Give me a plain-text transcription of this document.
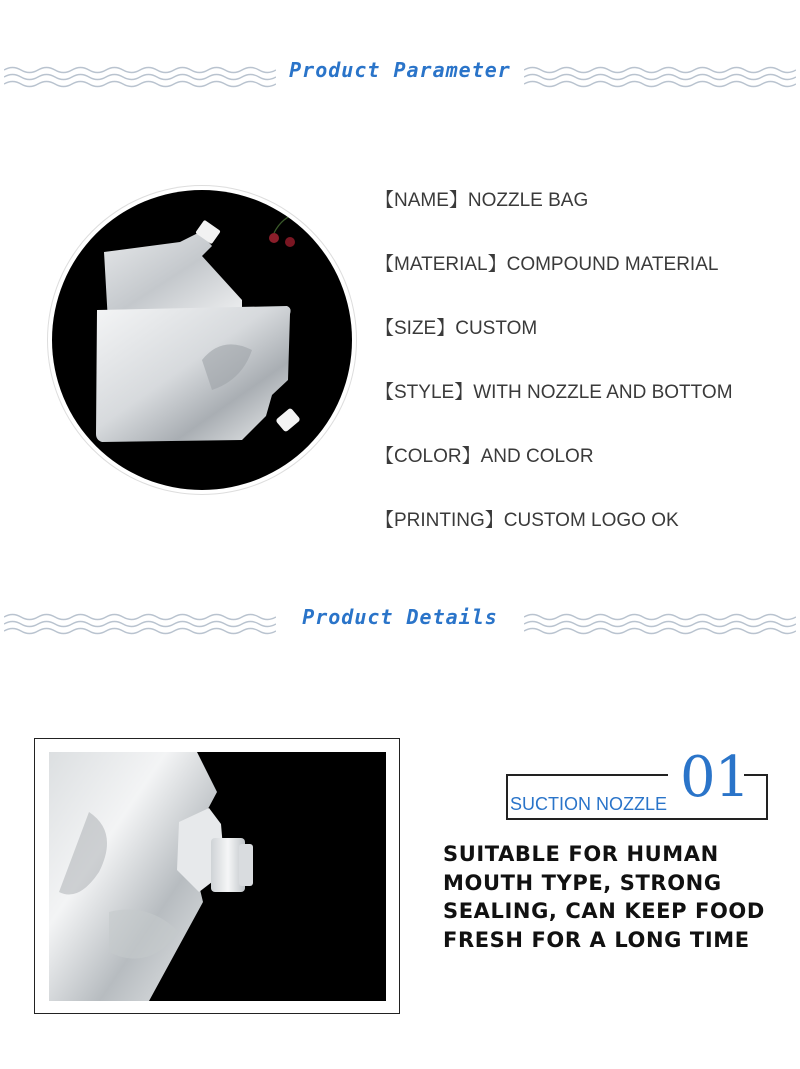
Product Parameter
【NAME】NOZZLE BAG
【MATERIAL】COMPOUND MATERIAL
【SIZE】CUSTOM
【STYLE】WITH NOZZLE AND BOTTOM
【COLOR】AND COLOR
【PRINTING】CUSTOM LOGO OK
Product Details
01
SUCTION NOZZLE
SUITABLE FOR HUMAN MOUTH TYPE, STRONG SEALING, CAN KEEP FOOD FRESH FOR A LONG TIME
